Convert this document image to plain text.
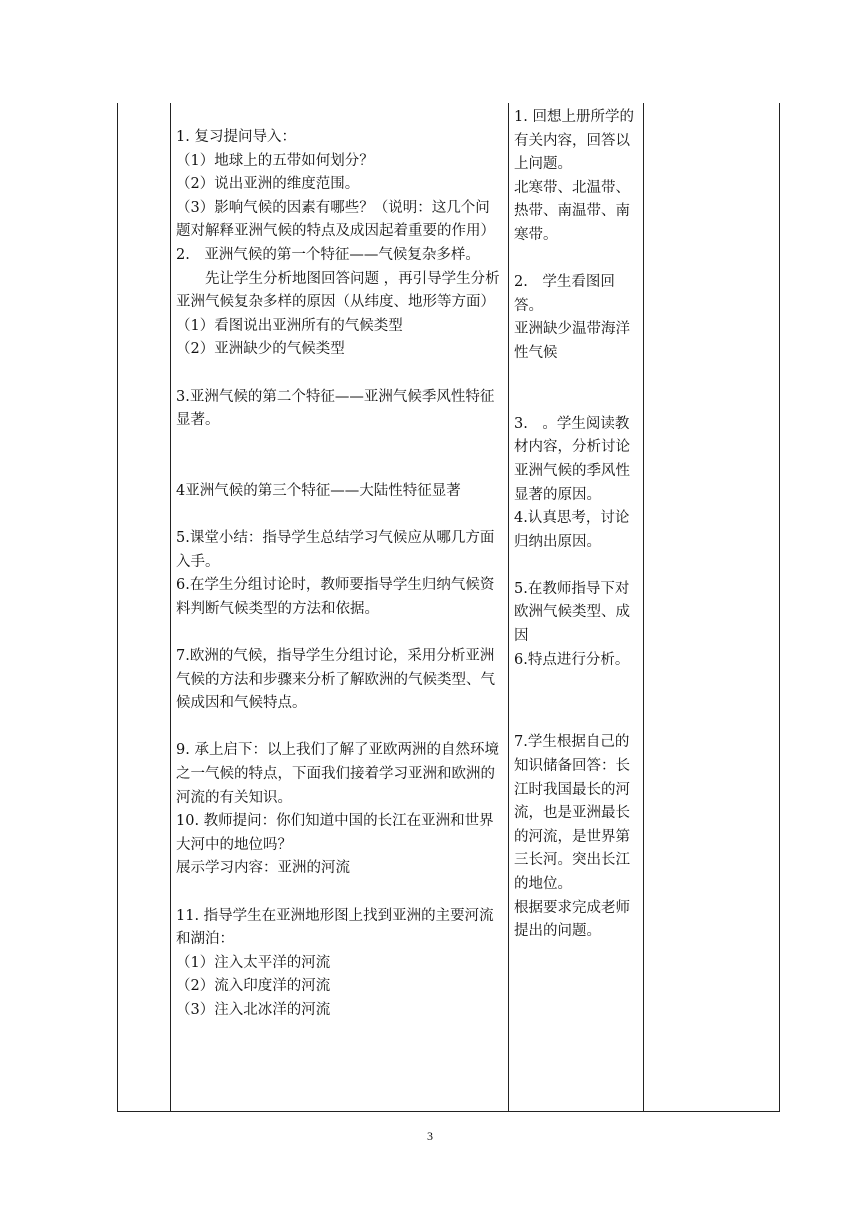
1. 复习提问导入：

（1）地球上的五带如何划分？

（2）说出亚洲的维度范围。

（3）影响气候的因素有哪些？（说明：这几个问题对解释亚洲气候的特点及成因起着重要的作用）

2.　亚洲气候的第一个特征——气候复杂多样。

先让学生分析地图回答问题 ，再引导学生分析亚洲气候复杂多样的原因（从纬度、地形等方面）

（1）看图说出亚洲所有的气候类型

（2）亚洲缺少的气候类型

3.亚洲气候的第二个特征——亚洲气候季风性特征显著。

4亚洲气候的第三个特征——大陆性特征显著

5.课堂小结：指导学生总结学习气候应从哪几方面入手。

6.在学生分组讨论时，教师要指导学生归纳气候资料判断气候类型的方法和依据。

7.欧洲的气候，指导学生分组讨论，采用分析亚洲气候的方法和步骤来分析了解欧洲的气候类型、气候成因和气候特点。

9. 承上启下：以上我们了解了亚欧两洲的自然环境之一气候的特点，下面我们接着学习亚洲和欧洲的河流的有关知识。

10. 教师提问：你们知道中国的长江在亚洲和世界大河中的地位吗？

展示学习内容：亚洲的河流

11. 指导学生在亚洲地形图上找到亚洲的主要河流和湖泊：

（1）注入太平洋的河流

（2）流入印度洋的河流

（3）注入北冰洋的河流

1. 回想上册所学的有关内容，回答以上问题。

北寒带、北温带、热带、南温带、南寒带。

2.　学生看图回答。

亚洲缺少温带海洋性气候

3.　。学生阅读教材内容，分析讨论亚洲气候的季风性显著的原因。

4.认真思考，讨论归纳出原因。

5.在教师指导下对欧洲气候类型、成因

6.特点进行分析。

7.学生根据自己的知识储备回答：长江时我国最长的河流，也是亚洲最长的河流，是世界第三长河。突出长江的地位。

根据要求完成老师提出的问题。

3
